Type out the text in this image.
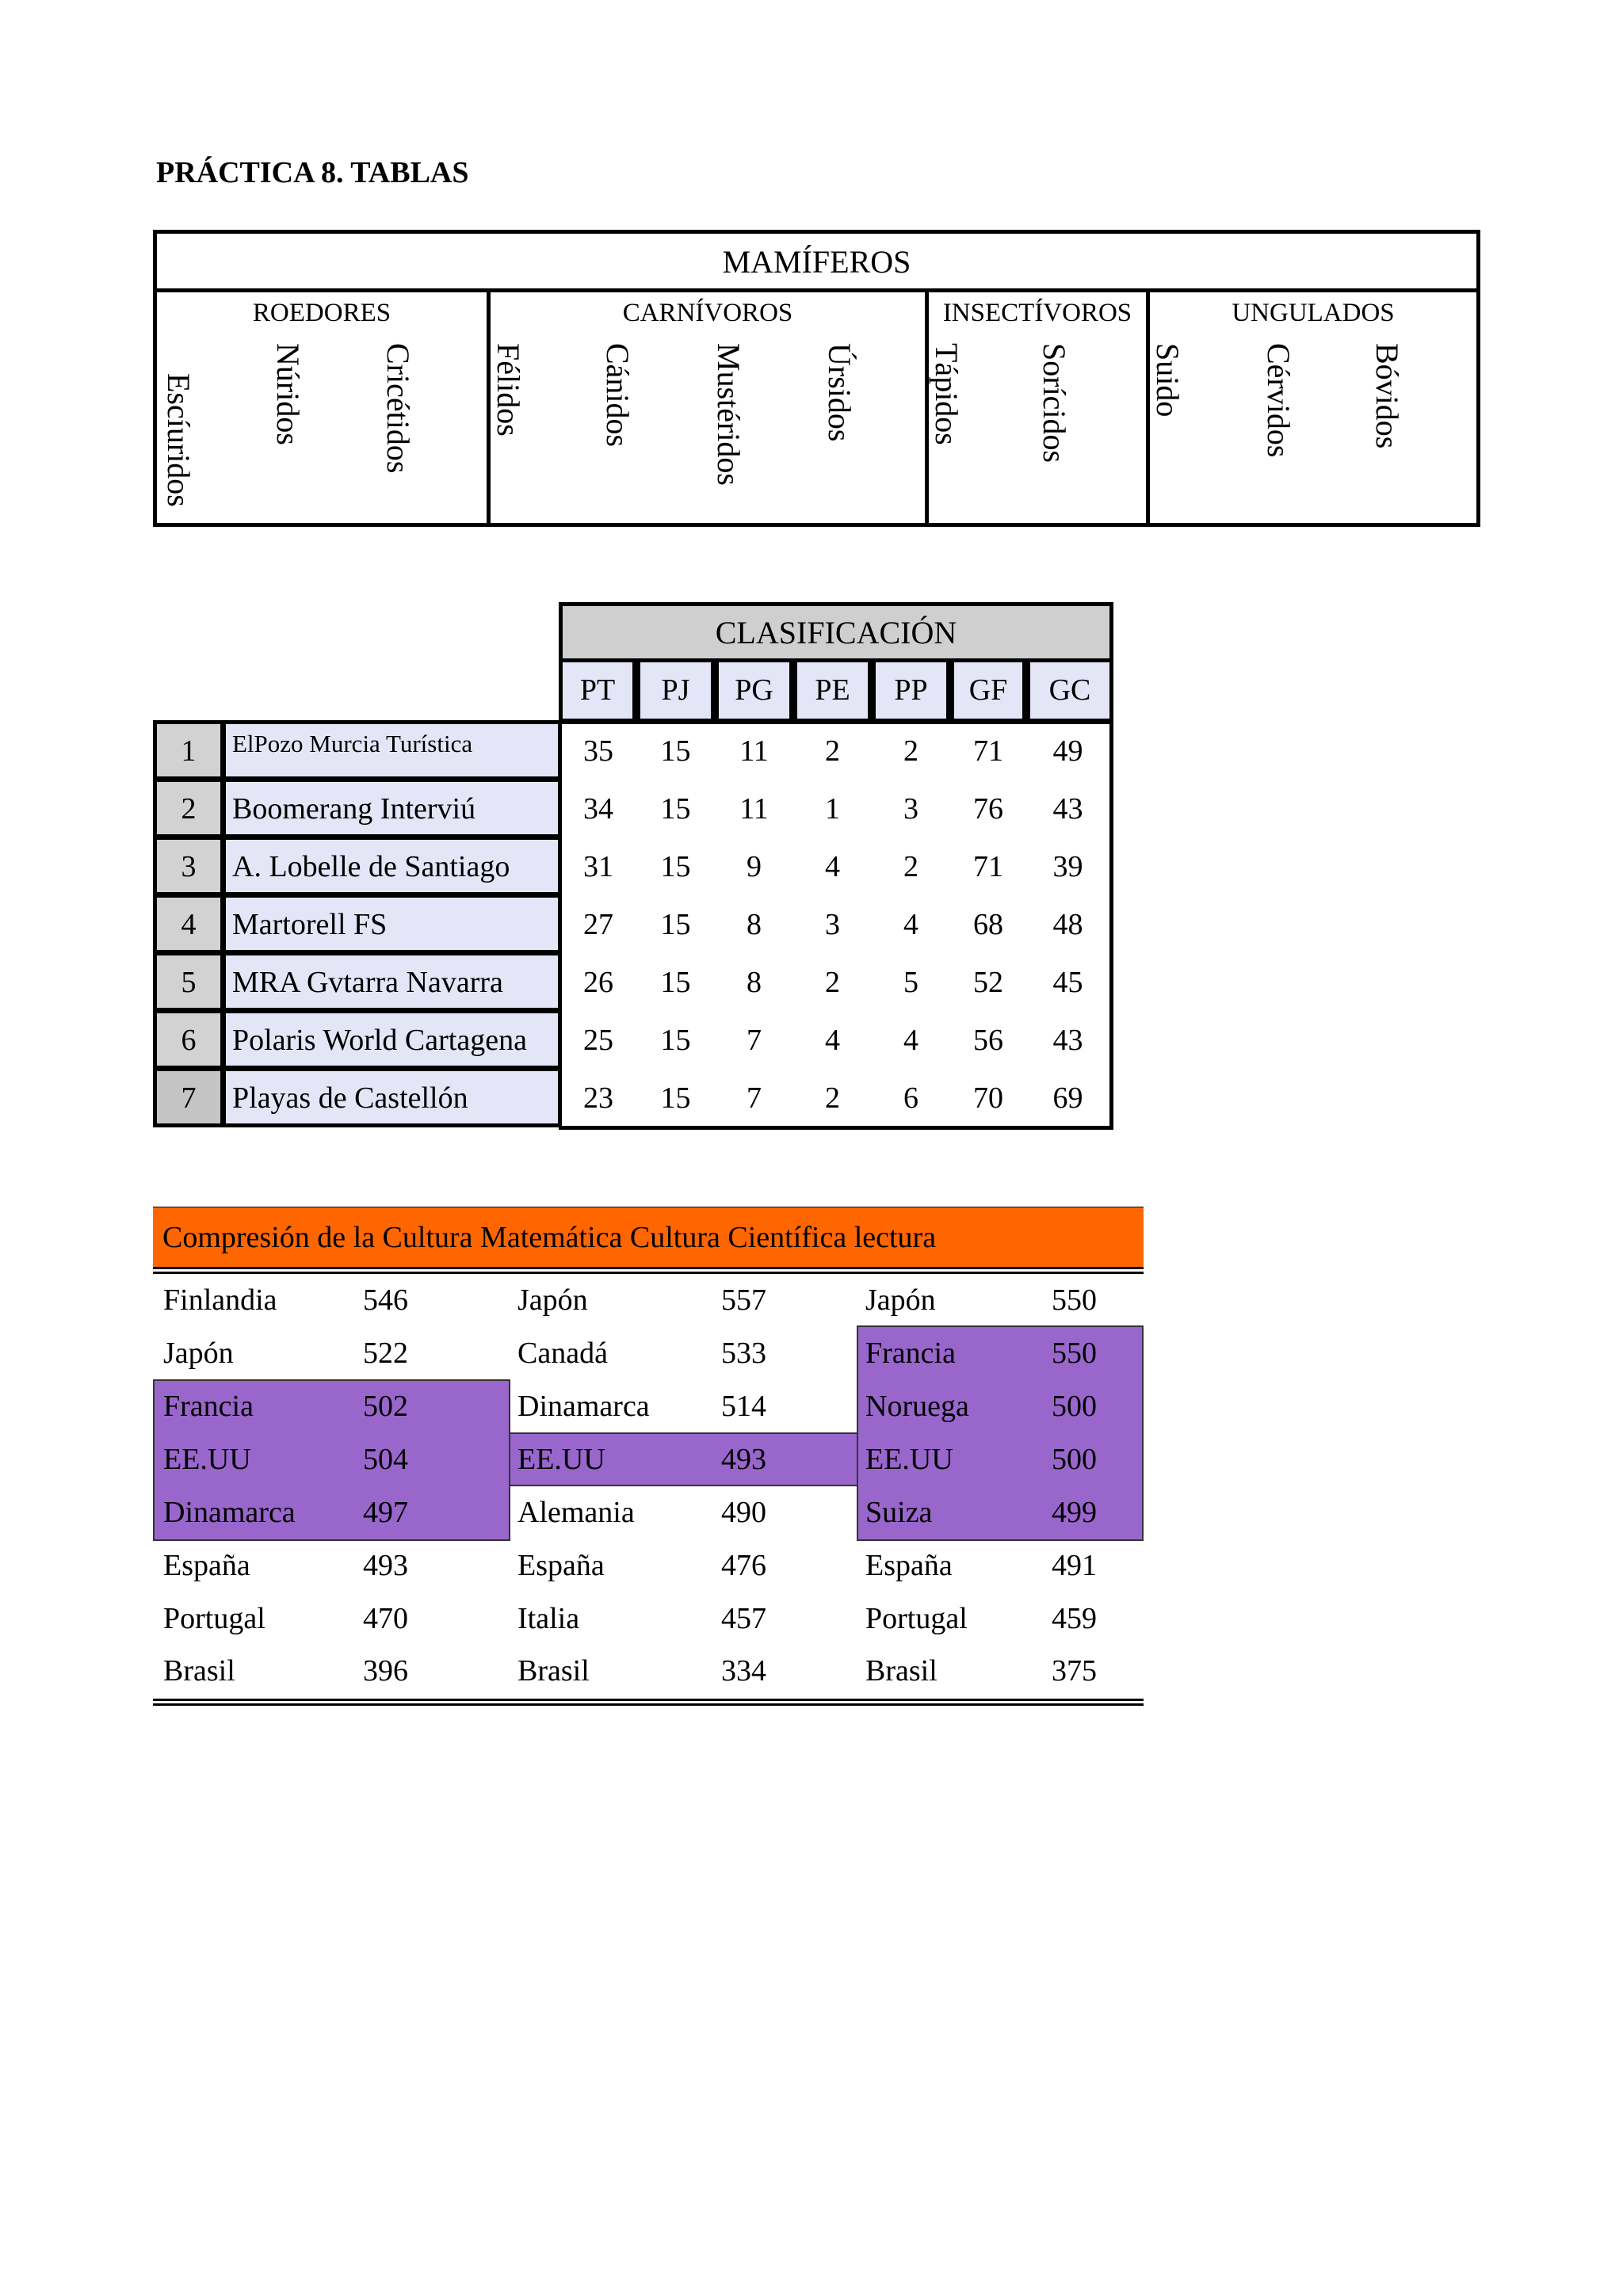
PRÁCTICA 8. TABLAS
MAMÍFEROS
ROEDORES
Escíuridos Núridos Cricétidos
CARNÍVOROS
Félidos Cánidos Mustéridos Úrsidos
INSECTÍVOROS
Tápidos Sorícidos
UNGULADOS
Suido Cérvidos Bóvidos
CLASIFICACIÓN
PT	PJ	PG	PE	PP	GF	GC
1	ElPozo Murcia Turística	35	15	11	2	2	71	49
2	Boomerang Interviú	34	15	11	1	3	76	43
3	A. Lobelle de Santiago	31	15	9	4	2	71	39
4	Martorell FS	27	15	8	3	4	68	48
5	MRA Gvtarra Navarra	26	15	8	2	5	52	45
6	Polaris World Cartagena	25	15	7	4	4	56	43
7	Playas de Castellón	23	15	7	2	6	70	69
Compresión de la Cultura Matemática Cultura Científica lectura
Finlandia	546	Japón	557	Japón	550
Japón	522	Canadá	533	Francia	550
Francia	502	Dinamarca 514	Noruega	500
EE.UU	504	EE.UU	493	EE.UU	500
Dinamarca 497	Alemania	490	Suiza	499
España	493	España	476	España	491
Portugal	470	Italia	457	Portugal	459
Brasil	396	Brasil	334	Brasil	375
